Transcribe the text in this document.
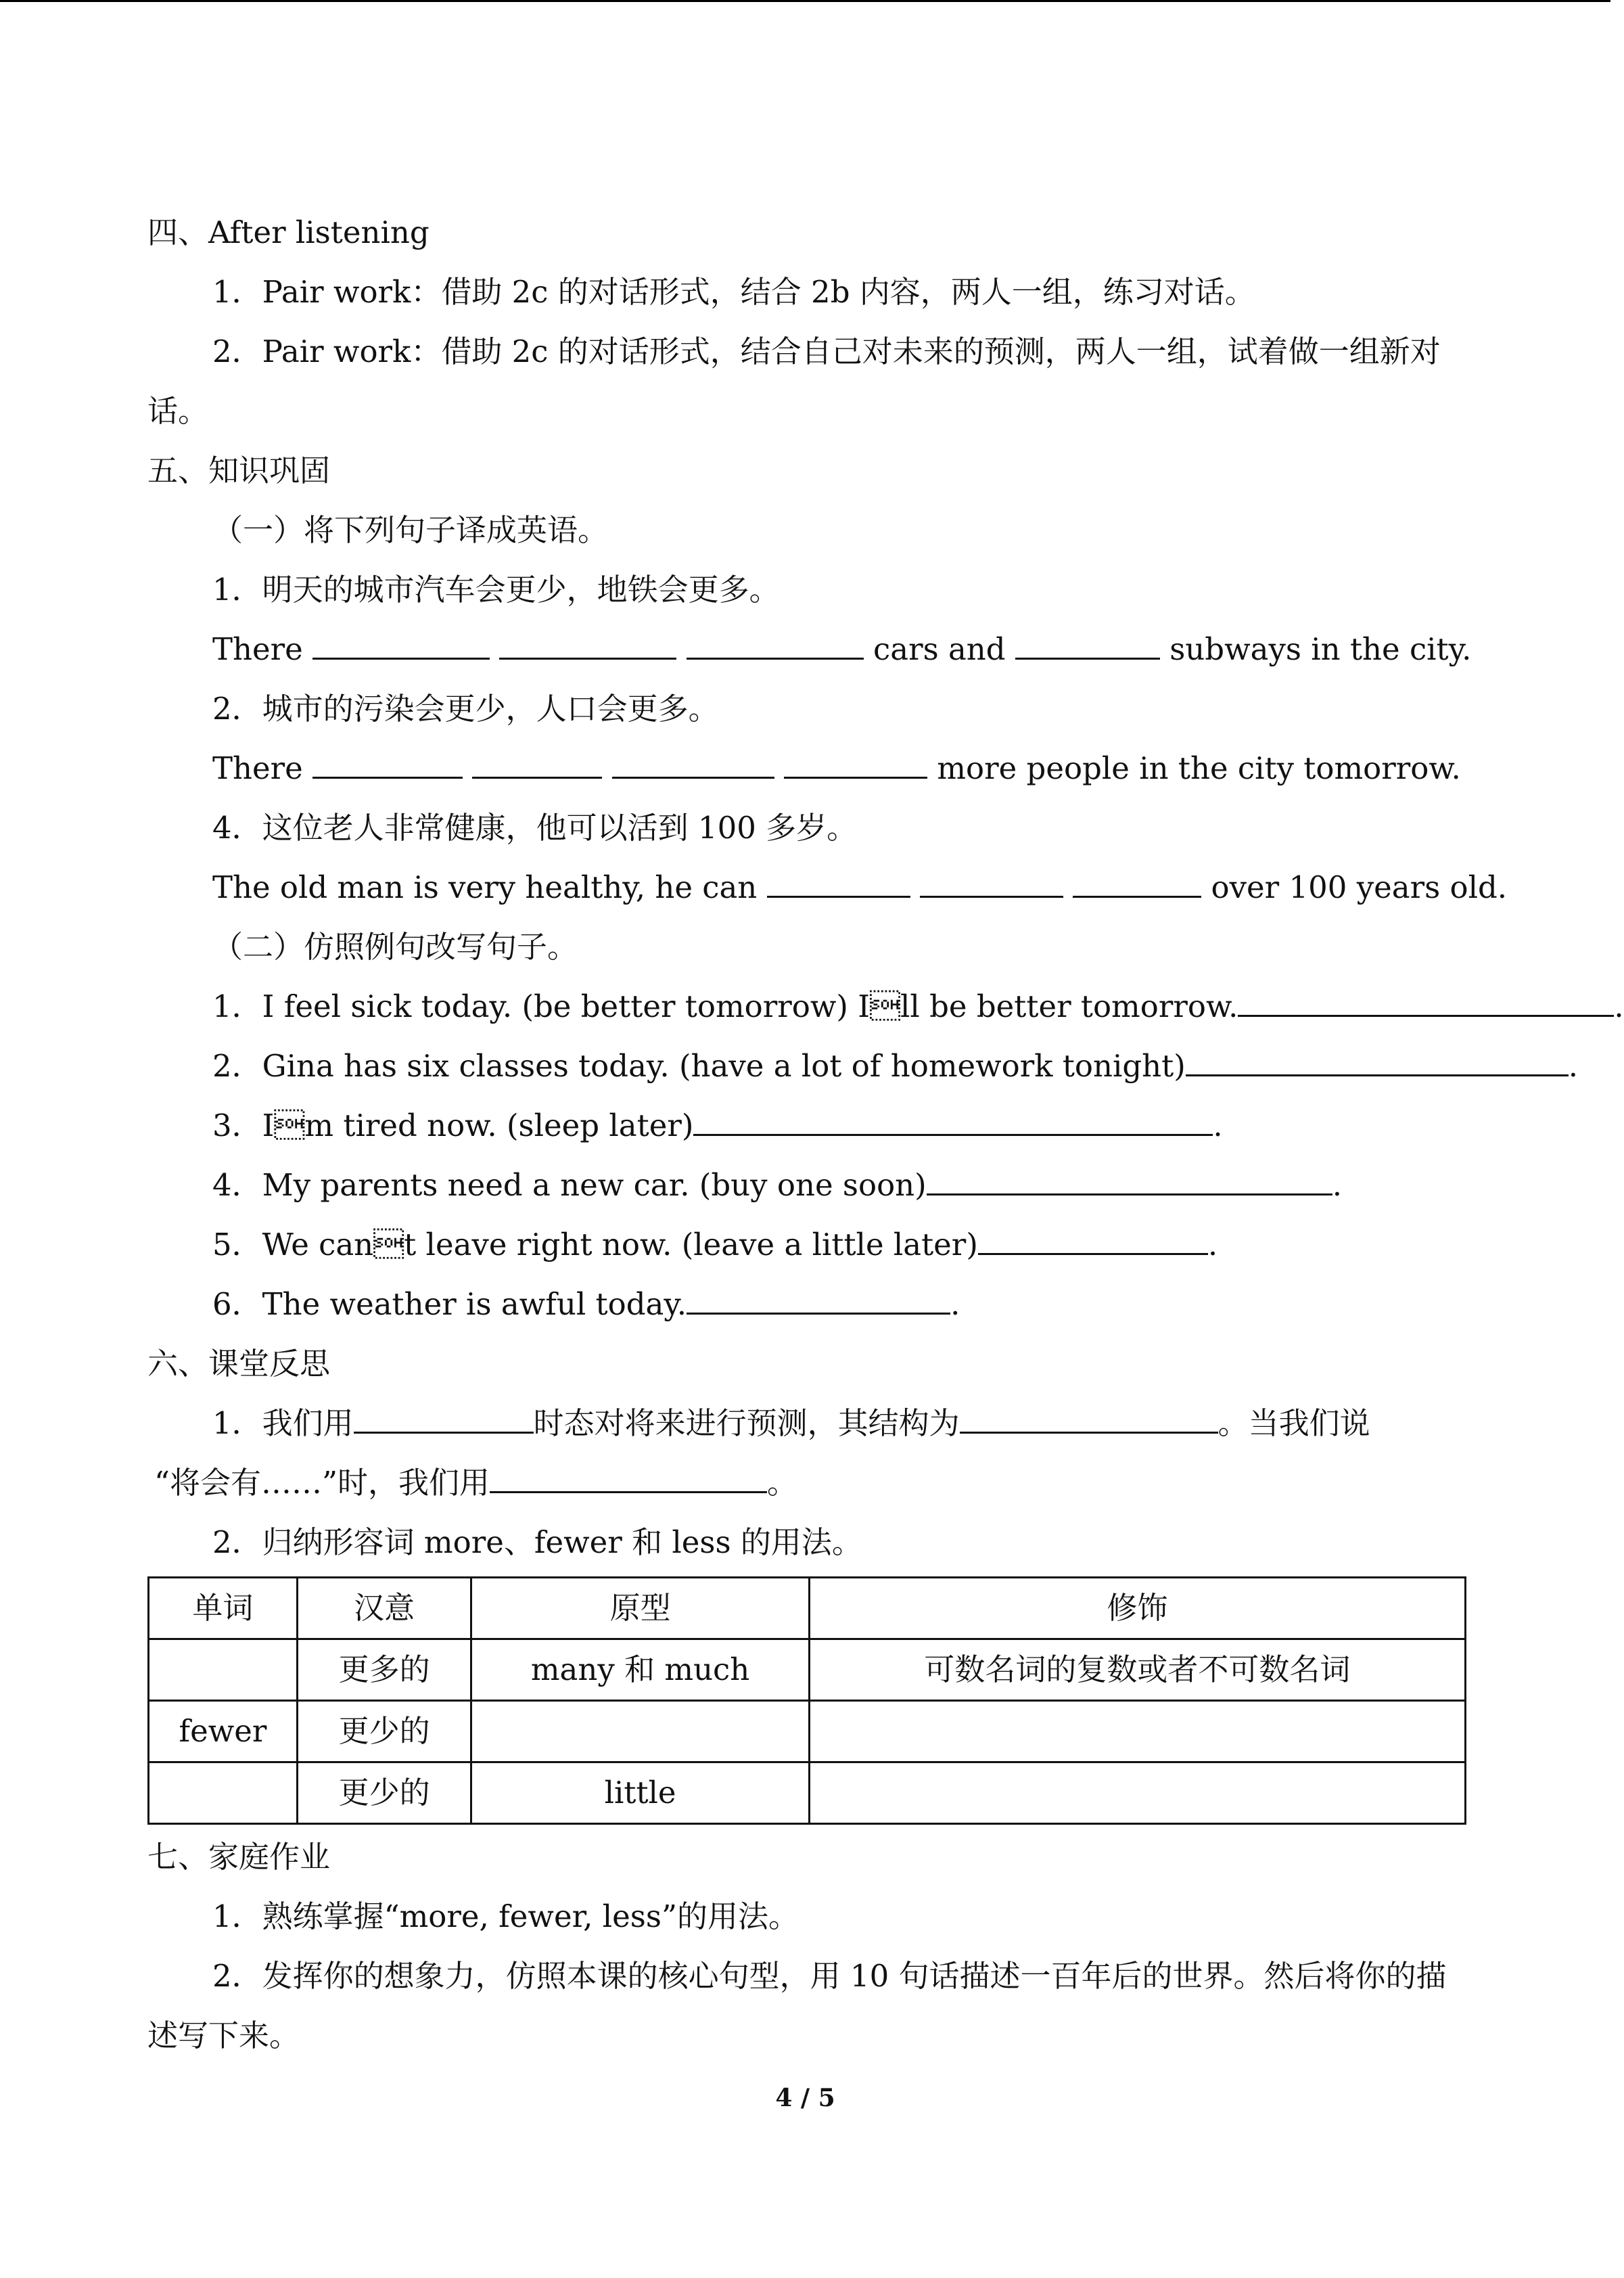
四、After listening
1．Pair work：借助 2c 的对话形式，结合 2b 内容，两人一组，练习对话。
2．Pair work：借助 2c 的对话形式，结合自己对未来的预测，两人一组，试着做一组新对话。
五、知识巩固
（一）将下列句子译成英语。
1．明天的城市汽车会更少，地铁会更多。
There	cars and	subways in the city.
2．城市的污染会更少，人口会更多。
There	more people in the city tomorrow.
4．这位老人非常健康，他可以活到 100 多岁。
The old man is very healthy, he can	over 100 years old.
（二）仿照例句改写句子。
1．I feel sick today. (be better tomorrow) Ill be better tomorrow.	.
2．Gina has six classes today. (have a lot of homework tonight)	.
3．Im tired now. (sleep later)	.
4．My parents need a new car. (buy one soon)	.
5．We cant leave right now. (leave a little later)	.
6．The weather is awful today.	.
六、课堂反思
1．我们用	时态对将来进行预测，其结构为	。当我们说
“将会有……”时，我们用	。
2．归纳形容词 more、fewer 和 less 的用法。
单词	汉意	原型	修饰
	更多的	many 和 much	可数名词的复数或者不可数名词
fewer	更少的		
	更少的	little	
七、家庭作业
1．熟练掌握“more, fewer, less”的用法。
2．发挥你的想象力，仿照本课的核心句型，用 10 句话描述一百年后的世界。然后将你的描述写下来。
4 / 5
